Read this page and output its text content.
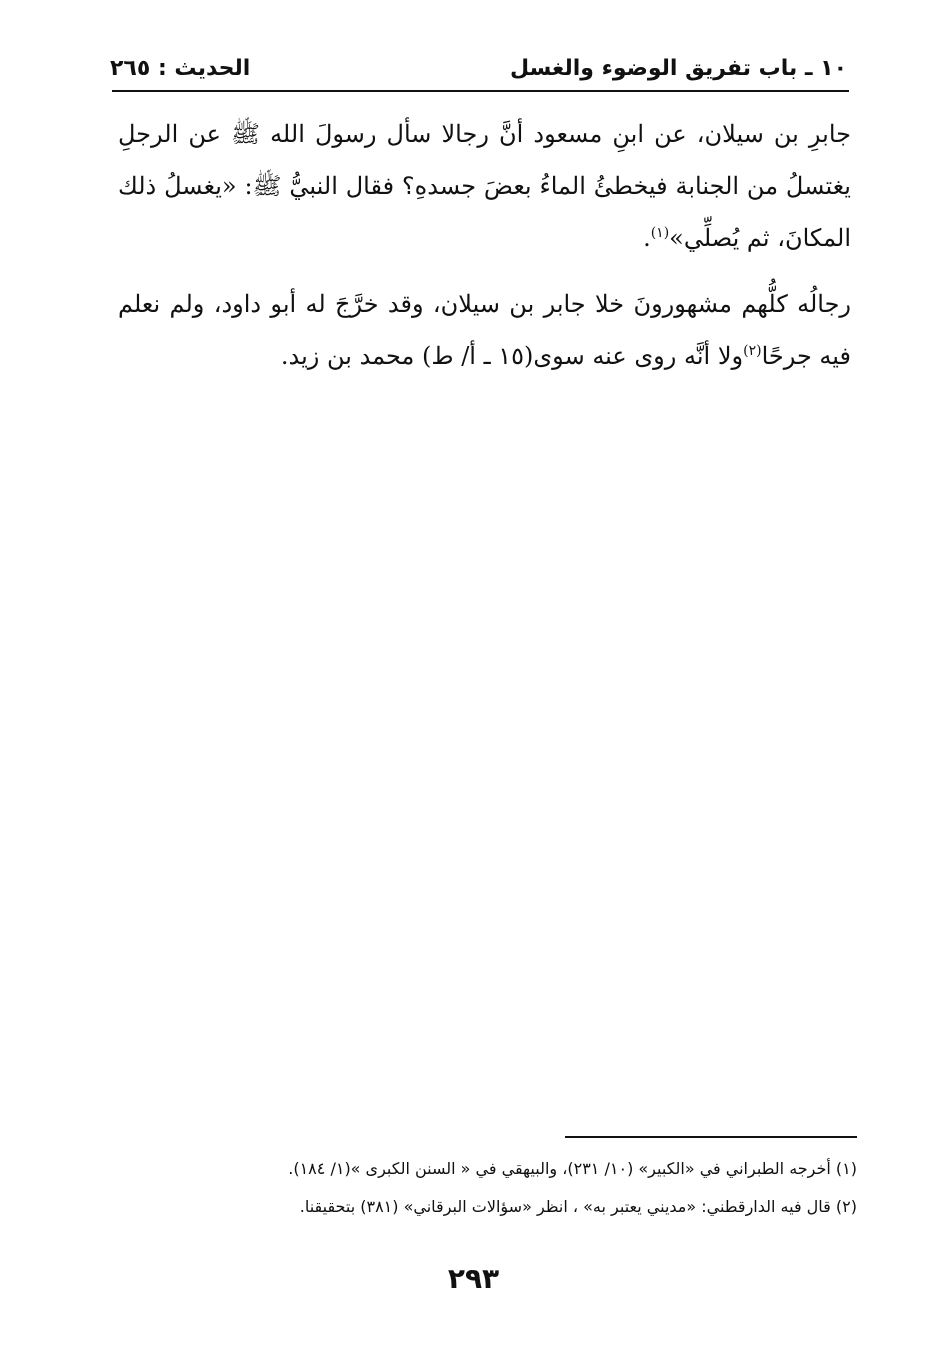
١٠ ـ باب تفريق الوضوء والغسل
الحديث : ٢٦٥

جابرِ بن سيلان، عن ابنِ مسعود أنَّ رجالا سأل رسولَ الله ﷺ عن الرجلِ يغتسلُ من الجنابة فيخطئُ الماءُ بعضَ جسدهِ؟ فقال النبيُّ ﷺ: «يغسلُ ذلك المكانَ، ثم يُصلِّي»$^{(١)}$.

رجالُه كلُّهم مشهورونَ خلا جابر بن سيلان، وقد خرَّجَ له أبو داود، ولم نعلم فيه جرحًا$^{(٢)}$ولا أنَّه روى عنه سوى(١٥ ـ أ/ ط) محمد بن زيد.

(١) أخرجه الطبراني في «الكبير» (١٠/ ٢٣١)، والبيهقي في « السنن الكبرى »(١/ ١٨٤).

(٢) قال فيه الدارقطني: «مديني يعتبر به» ، انظر «سؤالات البرقاني» (٣٨١) بتحقيقنا.

٢٩٣
